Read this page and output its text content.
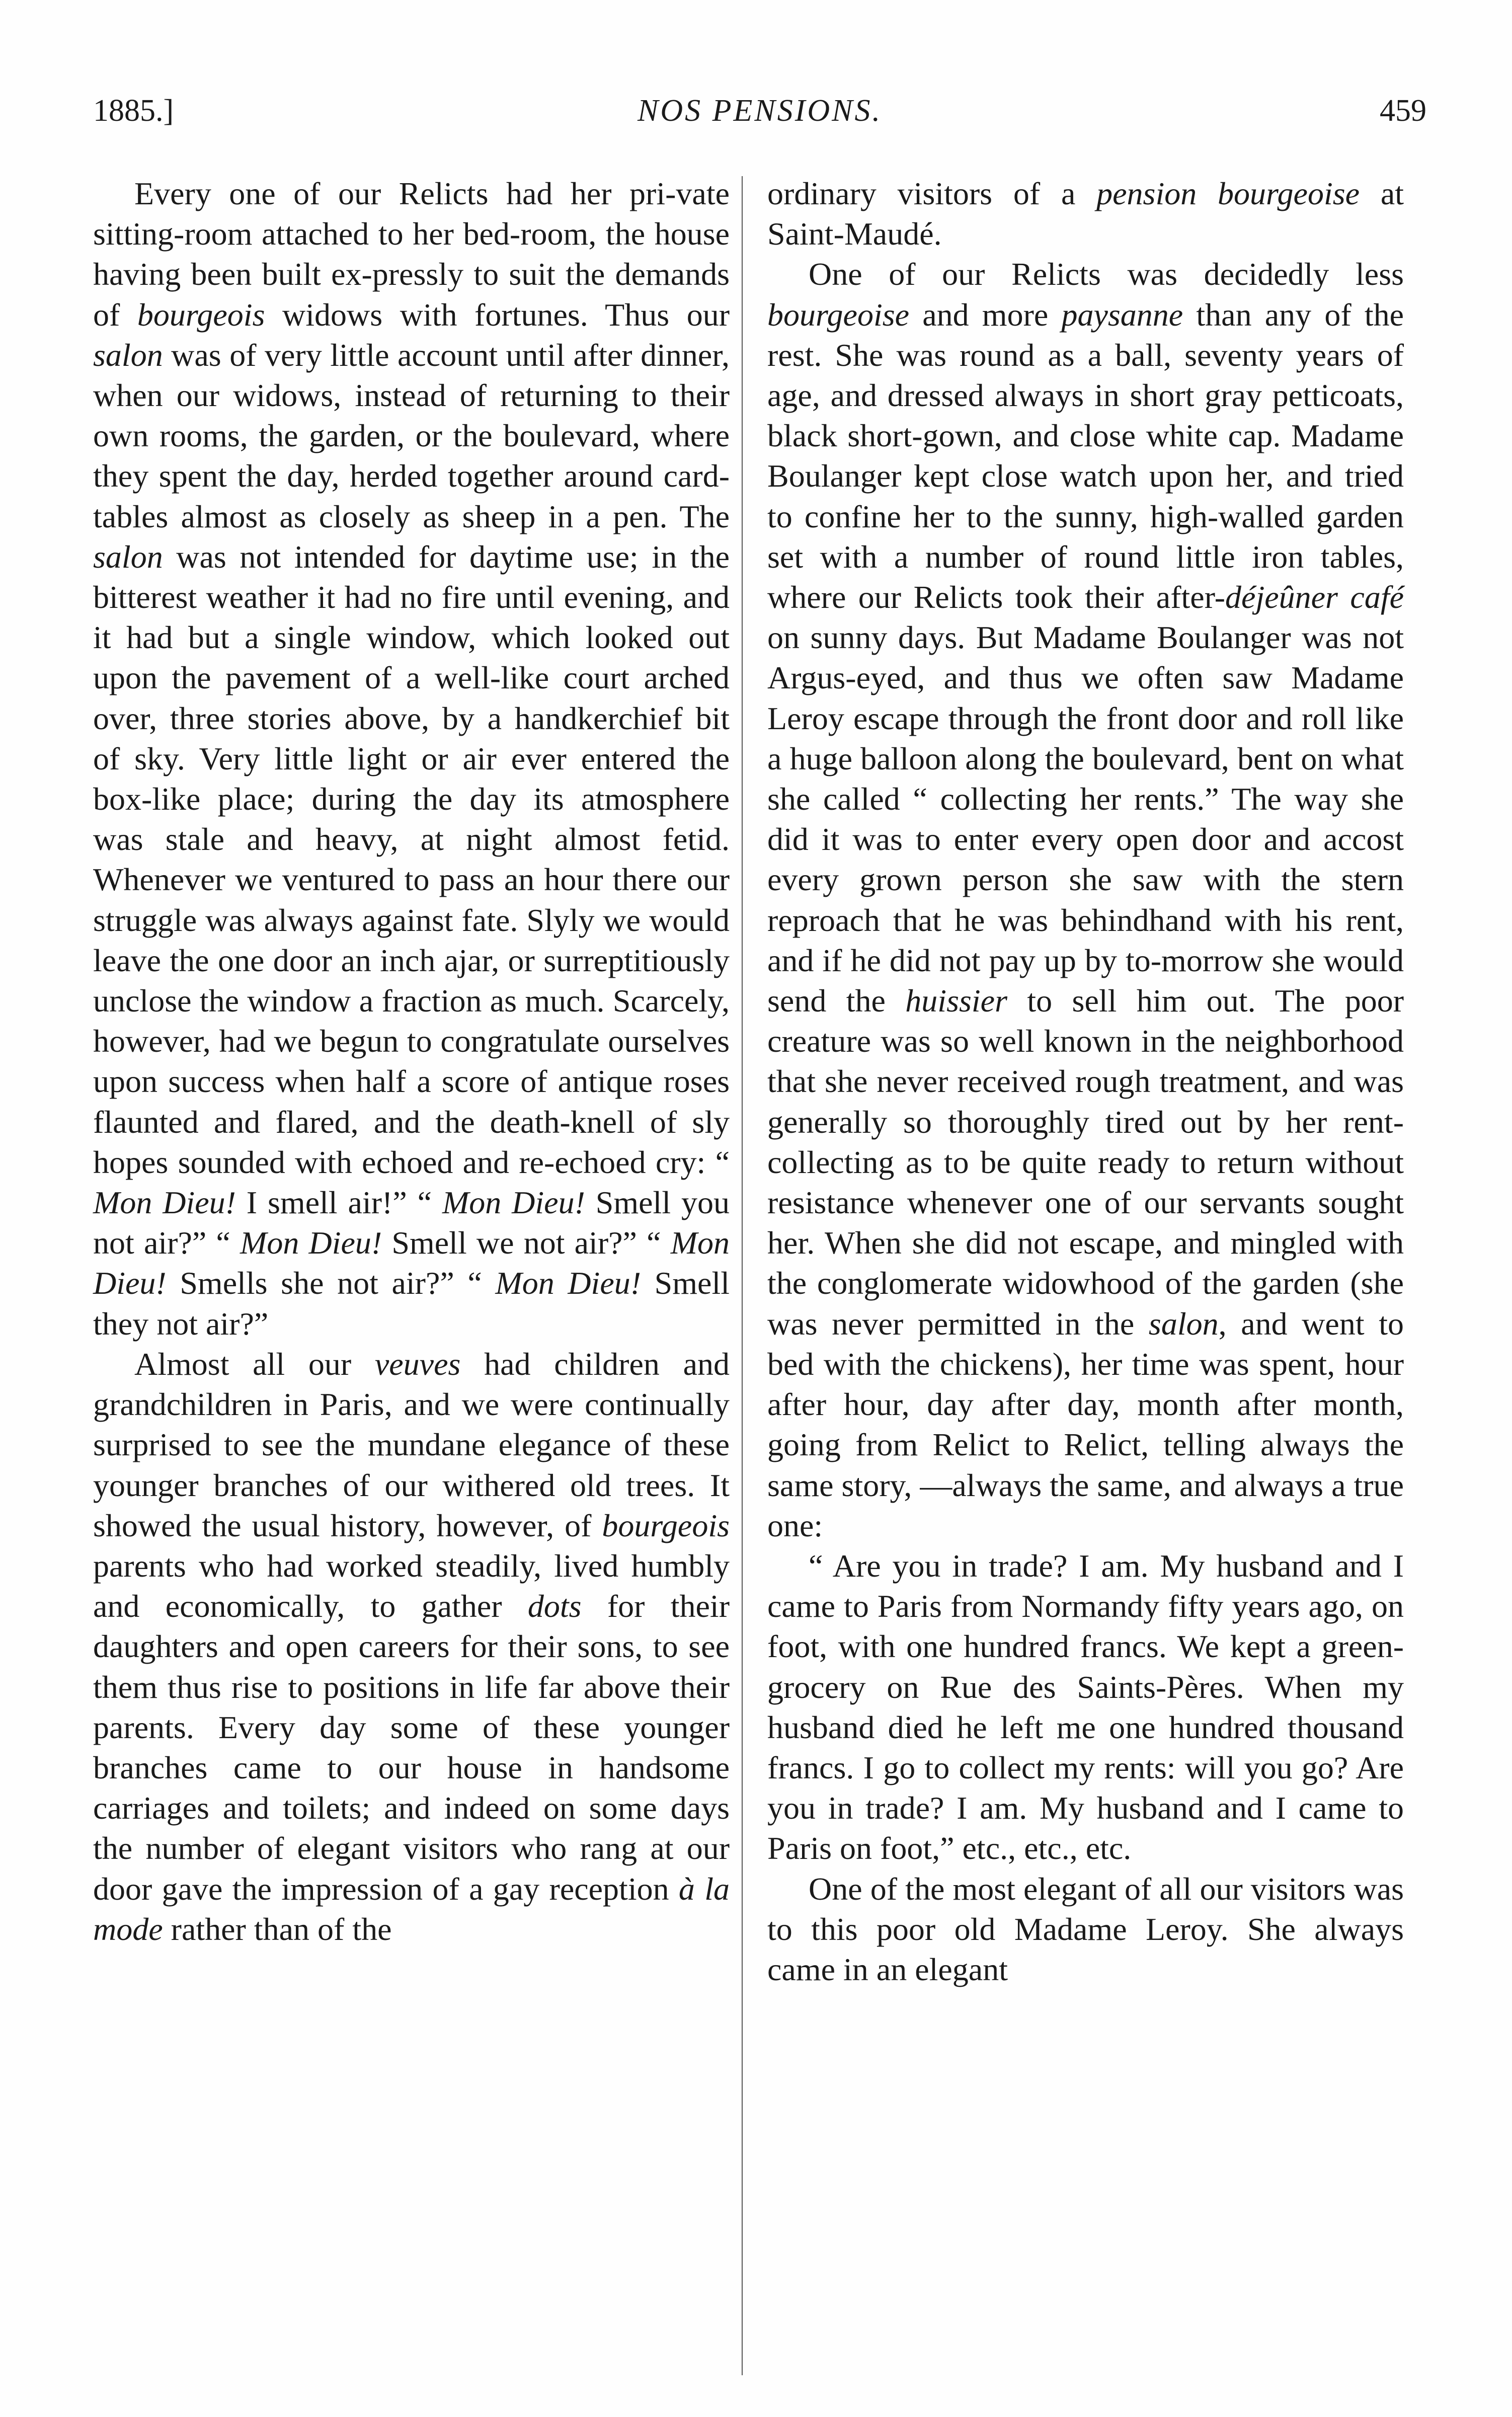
1885.]	NOS PENSIONS.	459

Every one of our Relicts had her pri-vate sitting-room attached to her bed-room, the house having been built ex-pressly to suit the demands of bourgeois widows with fortunes. Thus our salon was of very little account until after dinner, when our widows, instead of returning to their own rooms, the garden, or the boulevard, where they spent the day, herded together around card-tables almost as closely as sheep in a pen. The salon was not intended for daytime use; in the bitterest weather it had no fire until evening, and it had but a single window, which looked out upon the pavement of a well-like court arched over, three stories above, by a handkerchief bit of sky. Very little light or air ever entered the box-like place; during the day its atmosphere was stale and heavy, at night almost fetid. Whenever we ventured to pass an hour there our struggle was always against fate. Slyly we would leave the one door an inch ajar, or surreptitiously unclose the window a fraction as much. Scarcely, however, had we begun to congratulate ourselves upon success when half a score of antique roses flaunted and flared, and the death-knell of sly hopes sounded with echoed and re-echoed cry: “ Mon Dieu! I smell air!” “ Mon Dieu! Smell you not air?” “ Mon Dieu! Smell we not air?” “ Mon Dieu! Smells she not air?” “ Mon Dieu! Smell they not air?”

Almost all our veuves had children and grandchildren in Paris, and we were continually surprised to see the mundane elegance of these younger branches of our withered old trees. It showed the usual history, however, of bourgeois parents who had worked steadily, lived humbly and economically, to gather dots for their daughters and open careers for their sons, to see them thus rise to positions in life far above their parents. Every day some of these younger branches came to our house in handsome carriages and toilets; and indeed on some days the number of elegant visitors who rang at our door gave the impression of a gay reception à la mode rather than of the

ordinary visitors of a pension bourgeoise at Saint-Maudé.

One of our Relicts was decidedly less bourgeoise and more paysanne than any of the rest. She was round as a ball, seventy years of age, and dressed always in short gray petticoats, black short-gown, and close white cap. Madame Boulanger kept close watch upon her, and tried to confine her to the sunny, high-walled garden set with a number of round little iron tables, where our Relicts took their after-déjeûner café on sunny days. But Madame Boulanger was not Argus-eyed, and thus we often saw Madame Leroy escape through the front door and roll like a huge balloon along the boulevard, bent on what she called “ collecting her rents.” The way she did it was to enter every open door and accost every grown person she saw with the stern reproach that he was behindhand with his rent, and if he did not pay up by to-morrow she would send the huissier to sell him out. The poor creature was so well known in the neighborhood that she never received rough treatment, and was generally so thoroughly tired out by her rent-collecting as to be quite ready to return without resistance whenever one of our servants sought her. When she did not escape, and mingled with the conglomerate widowhood of the garden (she was never permitted in the salon, and went to bed with the chickens), her time was spent, hour after hour, day after day, month after month, going from Relict to Relict, telling always the same story, —always the same, and always a true one:

“ Are you in trade? I am. My husband and I came to Paris from Normandy fifty years ago, on foot, with one hundred francs. We kept a green-grocery on Rue des Saints-Pères. When my husband died he left me one hundred thousand francs. I go to collect my rents: will you go? Are you in trade? I am. My husband and I came to Paris on foot,” etc., etc., etc.

One of the most elegant of all our visitors was to this poor old Madame Leroy. She always came in an elegant
